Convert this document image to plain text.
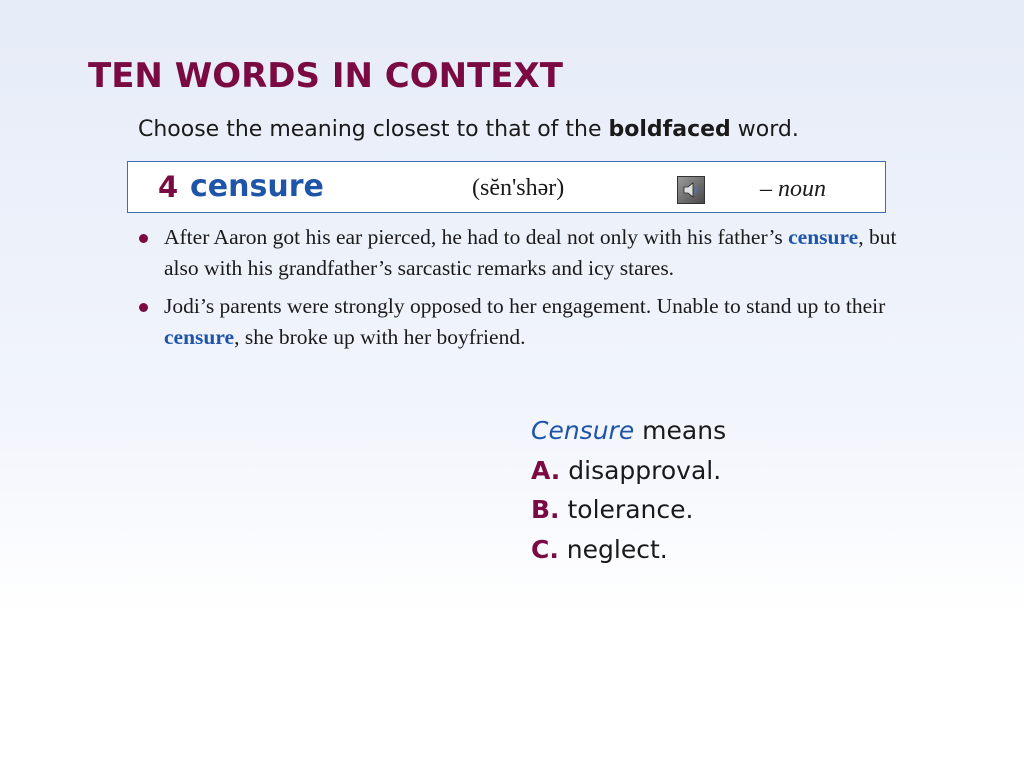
TEN WORDS IN CONTEXT
Choose the meaning closest to that of the boldfaced word.
4 censure	(sĕn'shər)	– noun
After Aaron got his ear pierced, he had to deal not only with his father’s censure, but also with his grandfather’s sarcastic remarks and icy stares.
Jodi’s parents were strongly opposed to her engagement. Unable to stand up to their censure, she broke up with her boyfriend.
Censure means
A. disapproval.
B. tolerance.
C. neglect.
